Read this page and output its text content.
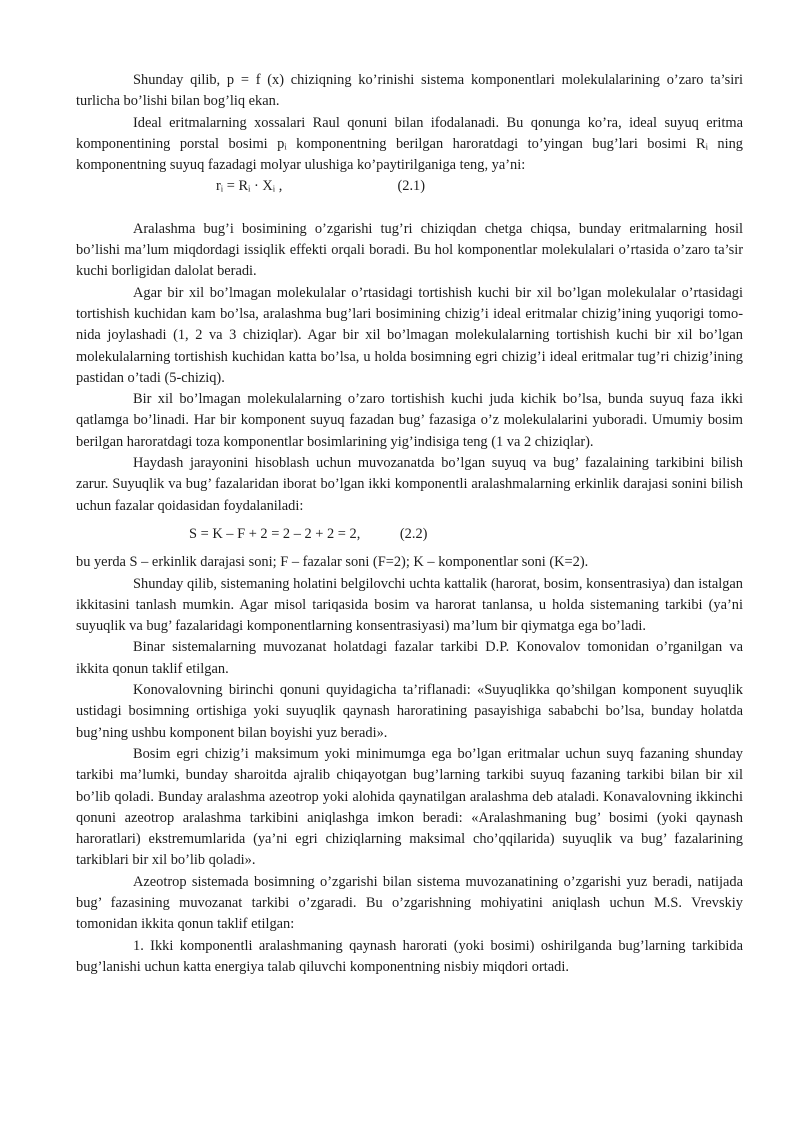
Shunday qilib, p = f (x) chiziqning ko’rinishi sistema komponentlari molekulalarining o’zaro ta’siri turlicha bo’lishi bilan bog’liq ekan.

Ideal eritmalarning xossalari Raul qonuni bilan ifodalanadi. Bu qonunga ko’ra, ideal suyuq eritma komponentining porstal bosimi pᵢ komponentning berilgan haroratdagi to’yingan bug’lari bosimi Rᵢ ning komponentning suyuq fazadagi molyar ulushiga ko’paytirilganiga teng, ya’ni:

rᵢ = Rᵢ · Xᵢ ,                                (2.1)

Aralashma bug’i bosimining o’zgarishi tug’ri chiziqdan chetga chiqsa, bunday eritmalarning hosil bo’lishi ma’lum miqdordagi issiqlik effekti orqali boradi. Bu hol komponentlar molekulalari o’rtasida o’zaro ta’sir kuchi borligidan dalolat beradi.

Agar bir xil bo’lmagan molekulalar o’rtasidagi tortishish kuchi bir xil bo’lgan molekulalar o’rtasidagi tortishish kuchidan kam bo’lsa, aralashma bug’lari bosimining chizig’i ideal eritmalar chizig’ining yuqorigi tomo-nida joylashadi (1, 2 va 3 chiziqlar). Agar bir xil bo’lmagan molekulalarning tortishish kuchi bir xil bo’lgan molekulalarning tortishish kuchidan katta bo’lsa, u holda bosimning egri chizig’i ideal eritmalar tug’ri chizig’ining pastidan o’tadi (5-chiziq).

Bir xil bo’lmagan molekulalarning o’zaro tortishish kuchi juda kichik bo’lsa, bunda suyuq faza ikki qatlamga bo’linadi. Har bir komponent suyuq fazadan bug’ fazasiga o’z molekulalarini yuboradi. Umumiy bosim berilgan haroratdagi toza komponentlar bosimlarining yig’indisiga teng (1 va 2 chiziqlar).

Haydash jarayonini hisoblash uchun muvozanatda bo’lgan suyuq va bug’ fazalaining tarkibini bilish zarur. Suyuqlik va bug’ fazalaridan iborat bo’lgan ikki komponentli aralashmalarning erkinlik darajasi sonini bilish uchun fazalar qoidasidan foydalaniladi:

S = K – F + 2 = 2 – 2 + 2 = 2,           (2.2)

bu yerda S – erkinlik darajasi soni; F – fazalar soni (F=2); K – komponentlar soni (K=2).

Shunday qilib, sistemaning holatini belgilovchi uchta kattalik (harorat, bosim, konsentrasiya) dan istalgan ikkitasini tanlash mumkin. Agar misol tariqasida bosim va harorat tanlansa, u holda sistemaning tarkibi (ya’ni suyuqlik va bug’ fazalaridagi komponentlarning konsentrasiyasi) ma’lum bir qiymatga ega bo’ladi.

Binar sistemalarning muvozanat holatdagi fazalar tarkibi D.P. Konovalov tomonidan o’rganilgan va ikkita qonun taklif etilgan.

Konovalovning birinchi qonuni quyidagicha ta’riflanadi: «Suyuqlikka qo’shilgan komponent suyuqlik ustidagi bosimning ortishiga yoki suyuqlik qaynash haroratining pasayishiga sababchi bo’lsa, bunday holatda bug’ning ushbu komponent bilan boyishi yuz beradi».

Bosim egri chizig’i maksimum yoki minimumga ega bo’lgan eritmalar uchun suyq fazaning shunday tarkibi ma’lumki, bunday sharoitda ajralib chiqayotgan bug’larning tarkibi suyuq fazaning tarkibi bilan bir xil bo’lib qoladi. Bunday aralashma azeotrop yoki alohida qaynatilgan aralashma deb ataladi. Konavalovning ikkinchi qonuni azeotrop aralashma tarkibini aniqlashga imkon beradi: «Aralashmaning bug’ bosimi (yoki qaynash haroratlari) ekstremumlarida (ya’ni egri chiziqlarning maksimal cho’qqilarida) suyuqlik va bug’ fazalarining tarkiblari bir xil bo’lib qoladi».

Azeotrop sistemada bosimning o’zgarishi bilan sistema muvozanatining o’zgarishi yuz beradi, natijada bug’ fazasining muvozanat tarkibi o’zgaradi. Bu o’zgarishning mohiyatini aniqlash uchun M.S. Vrevskiy tomonidan ikkita qonun taklif etilgan:

1. Ikki komponentli aralashmaning qaynash harorati (yoki bosimi) oshirilganda bug’larning tarkibida bug’lanishi uchun katta energiya talab qiluvchi komponentning nisbiy miqdori ortadi.
